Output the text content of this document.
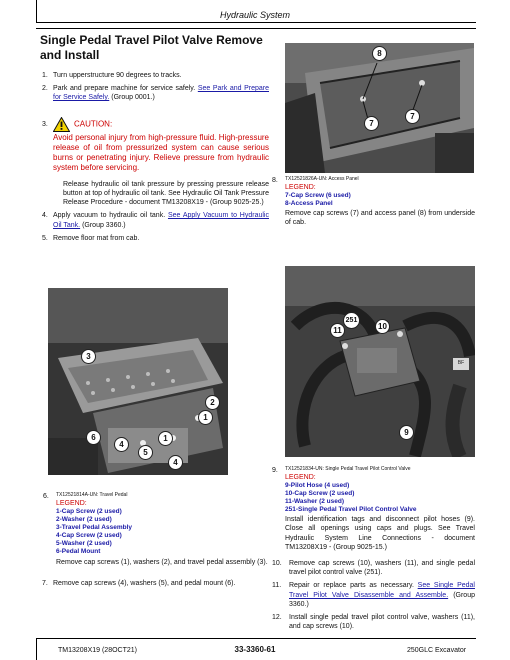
Hydraulic System
Single Pedal Travel Pilot Valve Remove and Install
1. Turn upperstructure 90 degrees to tracks.
2. Park and prepare machine for service safely. See Park and Prepare for Service Safely. (Group 0001.)
3.	CAUTION:
Avoid personal injury from high-pressure fluid. High-pressure release of oil from pressurized system can cause serious burns or penetrating injury. Relieve pressure from hydraulic system before servicing.
Release hydraulic oil tank pressure by pressing pressure release button at top of hydraulic oil tank. See Hydraulic Oil Tank Pressure Release Procedure - document TM13208X19 - (Group 9025-25.)
4. Apply vacuum to hydraulic oil tank. See Apply Vacuum to Hydraulic Oil Tank. (Group 3360.)
5. Remove floor mat from cab.
8
7
7
8. TX12521826A-UN: Access Panel
LEGEND:
7-Cap Screw (6 used)
8-Access Panel
Remove cap screws (7) and access panel (8) from underside of cab.
3
2
1
6
4
5
1
4
6. TX12521814A-UN: Travel Pedal
LEGEND:
1-Cap Screw (2 used)
2-Washer (2 used)
3-Travel Pedal Assembly
4-Cap Screw (2 used)
5-Washer (2 used)
6-Pedal Mount
Remove cap screws (1), washers (2), and travel pedal assembly (3).
7. Remove cap screws (4), washers (5), and pedal mount (6).
251
11	10
9
BF
9. TX12521834-UN: Single Pedal Travel Pilot Control Valve
LEGEND:
9-Pilot Hose (4 used)
10-Cap Screw (2 used)
11-Washer (2 used)
251-Single Pedal Travel Pilot Control Valve
Install identification tags and disconnect pilot hoses (9). Close all openings using caps and plugs. See Travel Hydraulic System Line Connections - document TM13208X19 - (Group 9025-15.)
10. Remove cap screws (10), washers (11), and single pedal travel pilot control valve (251).
11. Repair or replace parts as necessary. See Single Pedal Travel Pilot Valve Disassemble and Assemble. (Group 3360.)
12. Install single pedal travel pilot control valve, washers (11), and cap screws (10).
TM13208X19 (28OCT21)	33-3360-61	250GLC Excavator
